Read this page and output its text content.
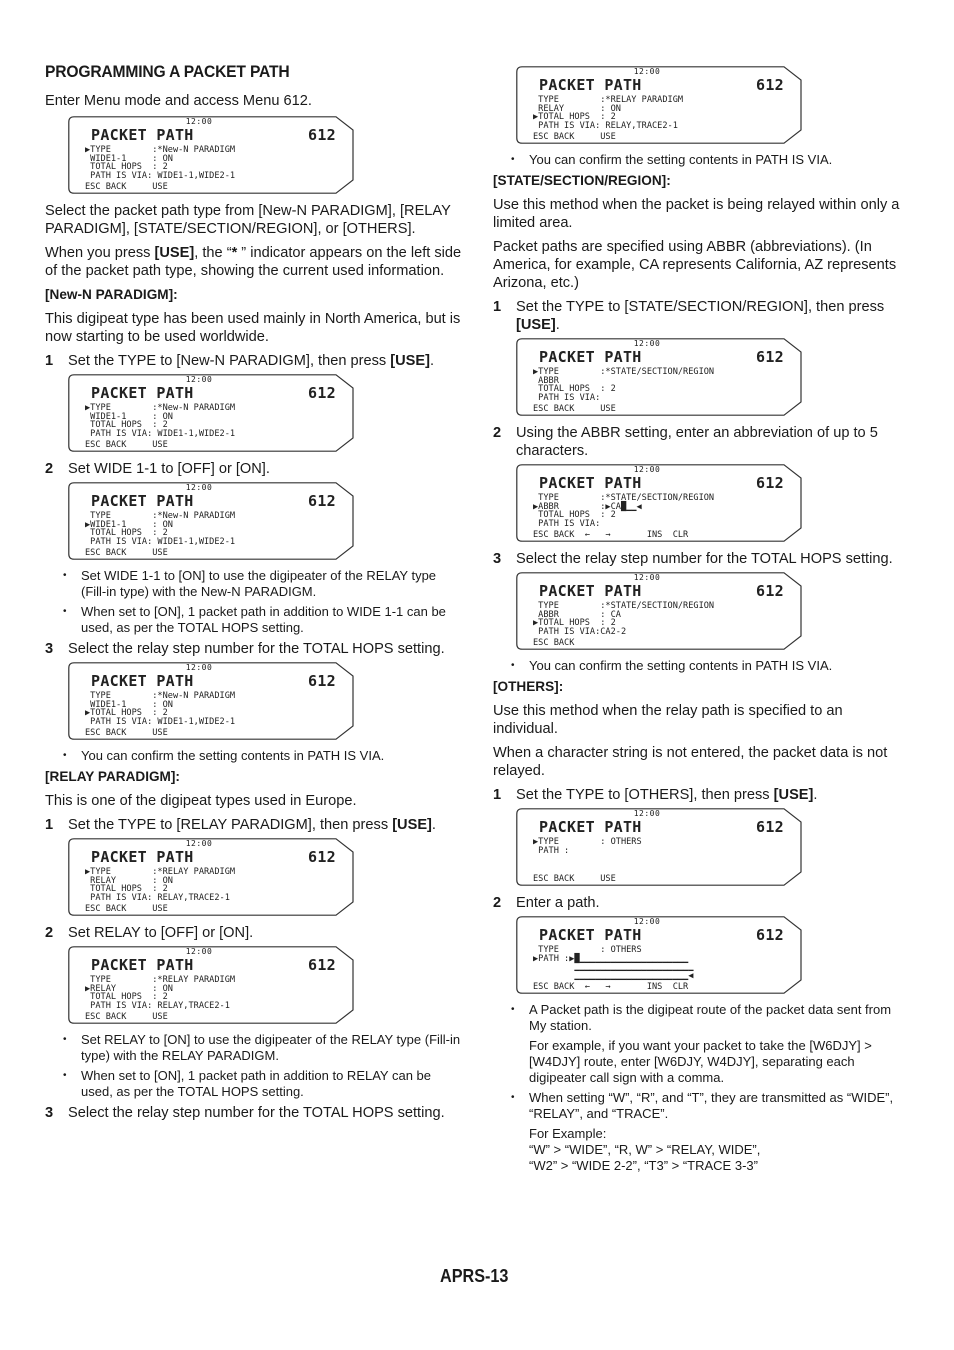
PROGRAMMING A PACKET PATH

Enter Menu mode and access Menu 612.

12:00
PACKET PATH	612
▶TYPE        :*New-N PARADIGM
WIDE1-1     : ON
TOTAL HOPS  : 2
PATH IS VIA: WIDE1-1,WIDE2-1
ESC BACK     USE

Select the packet path type from [New-N PARADIGM], [RELAY PARADIGM], [STATE/SECTION/REGION], or [OTHERS].

When you press [USE], the “* ” indicator appears on the left side of the packet path type, showing the current used information.

[New-N PARADIGM]:

This digipeat type has been used mainly in North America, but is now starting to be used worldwide.

1	Set the TYPE to [New-N PARADIGM], then press [USE].
12:00
PACKET PATH	612
▶TYPE        :*New-N PARADIGM
WIDE1-1     : ON
TOTAL HOPS  : 2
PATH IS VIA: WIDE1-1,WIDE2-1
ESC BACK     USE
2	Set WIDE 1-1 to [OFF] or [ON].
12:00
PACKET PATH	612
TYPE        :*New-N PARADIGM
▶WIDE1-1     : ON
TOTAL HOPS  : 2
PATH IS VIA: WIDE1-1,WIDE2-1
ESC BACK     USE
•	Set WIDE 1-1 to [ON] to use the digipeater of the RELAY type (Fill-in type) with the New-N PARADIGM.
•	When set to [ON], 1 packet path in addition to WIDE 1-1 can be used, as per the TOTAL HOPS setting.
3	Select the relay step number for the TOTAL HOPS setting.
12:00
PACKET PATH	612
TYPE        :*New-N PARADIGM
WIDE1-1     : ON
▶TOTAL HOPS  : 2
PATH IS VIA: WIDE1-1,WIDE2-1
ESC BACK     USE
•	You can confirm the setting contents in PATH IS VIA.
[RELAY PARADIGM]:

This is one of the digipeat types used in Europe.

1	Set the TYPE to [RELAY PARADIGM], then press [USE].
12:00
PACKET PATH	612
▶TYPE        :*RELAY PARADIGM
RELAY       : ON
TOTAL HOPS  : 2
PATH IS VIA: RELAY,TRACE2-1
ESC BACK     USE
2	Set RELAY to [OFF] or [ON].
12:00
PACKET PATH	612
TYPE        :*RELAY PARADIGM
▶RELAY       : ON
TOTAL HOPS  : 2
PATH IS VIA: RELAY,TRACE2-1
ESC BACK     USE
•	Set RELAY to [ON] to use the digipeater of the RELAY type (Fill-in type) with the RELAY PARADIGM.
•	When set to [ON], 1 packet path in addition to RELAY can be used, as per the TOTAL HOPS setting.
3	Select the relay step number for the TOTAL HOPS setting.
12:00
PACKET PATH	612
TYPE        :*RELAY PARADIGM
RELAY       : ON
▶TOTAL HOPS  : 2
PATH IS VIA: RELAY,TRACE2-1
ESC BACK     USE
•	You can confirm the setting contents in PATH IS VIA.
[STATE/SECTION/REGION]:

Use this method when the packet is being relayed within only a limited area.

Packet paths are specified using ABBR (abbreviations). (In America, for example, CA represents California, AZ represents Arizona, etc.)

1	Set the TYPE to [STATE/SECTION/REGION], then press [USE].
12:00
PACKET PATH	612
▶TYPE        :*STATE/SECTION/REGION
ABBR
TOTAL HOPS  : 2
PATH IS VIA:
ESC BACK     USE
2	Using the ABBR setting, enter an abbreviation of up to 5 characters.
12:00
PACKET PATH	612
TYPE        :*STATE/SECTION/REGION
▶ABBR        :▶CA█▁▁◀
TOTAL HOPS  : 2
PATH IS VIA:
ESC BACK  ←   →       INS  CLR
3	Select the relay step number for the TOTAL HOPS setting.
12:00
PACKET PATH	612
TYPE        :*STATE/SECTION/REGION
ABBR        : CA
▶TOTAL HOPS  : 2
PATH IS VIA:CA2-2
ESC BACK
•	You can confirm the setting contents in PATH IS VIA.
[OTHERS]:

Use this method when the relay path is specified to an individual.

When a character string is not entered, the packet data is not relayed.

1	Set the TYPE to [OTHERS], then press [USE].
12:00
PACKET PATH	612
▶TYPE        : OTHERS
PATH :
ESC BACK     USE
2	Enter a path.
12:00
PACKET PATH	612
TYPE        : OTHERS
▶PATH :▶█▁▁▁▁▁▁▁▁▁▁▁▁▁▁▁▁▁▁▁▁▁
▁▁▁▁▁▁▁▁▁▁▁▁▁▁▁▁▁▁▁▁▁▁▁
▁▁▁▁▁▁▁▁▁▁▁▁▁▁▁▁▁▁▁▁▁▁◀
ESC BACK  ←   →       INS  CLR
•	A Packet path is the digipeat route of the packet data sent from My station.
For example, if you want your packet to take the [W6DJY] > [W4DJY] route, enter [W6DJY, W4DJY], separating each digipeater call sign with a comma.
•	When setting “W”, “R”, and “T”, they are transmitted as “WIDE”, “RELAY”, and “TRACE”.
For Example:
“W” > “WIDE”, “R, W” > “RELAY, WIDE”,
“W2” > “WIDE 2-2”, “T3” > “TRACE 3-3”
APRS-13
